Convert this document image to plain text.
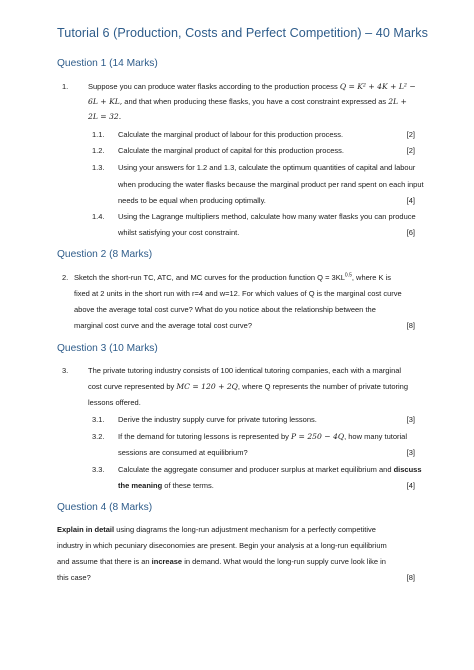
Tutorial 6 (Production, Costs and Perfect Competition) – 40 Marks
Question 1 (14 Marks)
1.	Suppose you can produce water flasks according to the production process Q = K² + 4K + L² −
6L + KL, and that when producing these flasks, you have a cost constraint expressed as 2L +
2L = 32.
1.1. Calculate the marginal product of labour for this production process.	[2]
1.2. Calculate the marginal product of capital for this production process.	[2]
1.3. Using your answers for 1.2 and 1.3, calculate the optimum quantities of capital and labour
when producing the water flasks because the marginal product per rand spent on each input
needs to be equal when producing optimally.	[4]
1.4. Using the Lagrange multipliers method, calculate how many water flasks you can produce
whilst satisfying your cost constraint.	[6]
Question 2 (8 Marks)
2. Sketch the short-run TC, ATC, and MC curves for the production function $Q = 3KL^{0.5}$, where K is
fixed at 2 units in the short run with r=4 and w=12. For which values of Q is the marginal cost curve
above the average total cost curve? What do you notice about the relationship between the
marginal cost curve and the average total cost curve?	[8]
Question 3 (10 Marks)
3.	The private tutoring industry consists of 100 identical tutoring companies, each with a marginal
cost curve represented by MC = 120 + 2Q, where Q represents the number of private tutoring
lessons offered.
3.1. Derive the industry supply curve for private tutoring lessons.	[3]
3.2. If the demand for tutoring lessons is represented by P = 250 − 4Q, how many tutorial
sessions are consumed at equilibrium?	[3]
3.3. Calculate the aggregate consumer and producer surplus at market equilibrium and discuss
the meaning of these terms.	[4]
Question 4 (8 Marks)
Explain in detail using diagrams the long-run adjustment mechanism for a perfectly competitive
industry in which pecuniary diseconomies are present. Begin your analysis at a long-run equilibrium
and assume that there is an increase in demand. What would the long-run supply curve look like in
this case?	[8]
